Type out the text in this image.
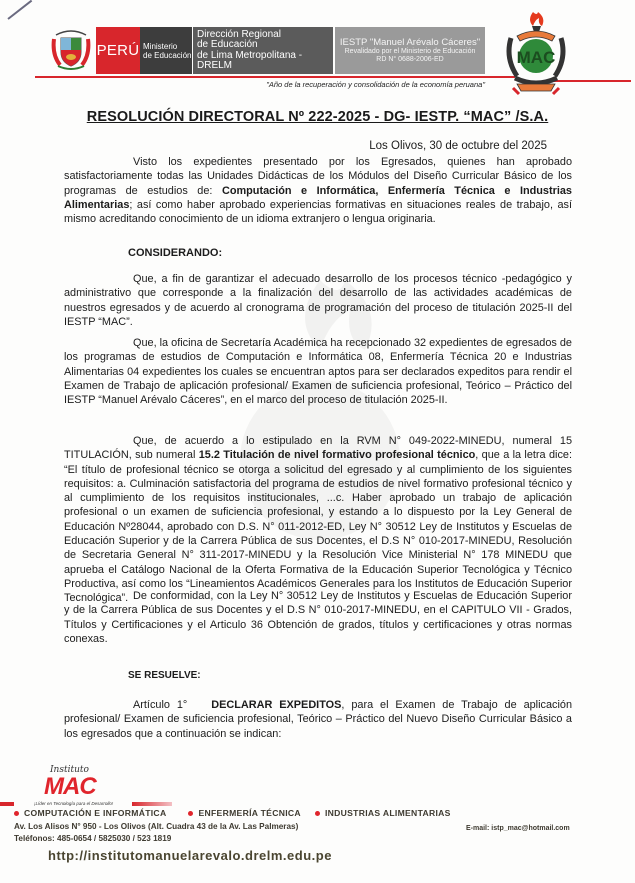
PERÚ Ministerio
de Educación
Dirección Regional
de Educación
de Lima Metropolitana - DRELM
IESTP "Manuel Arévalo Cáceres"
Revalidado por el Ministerio de Educación
RD N° 0688-2006-ED
"Año de la recuperación y consolidación de la economía peruana"
MAC
RESOLUCIÓN DIRECTORAL Nº 222-2025 - DG- IESTP. “MAC” /S.A.
Los Olivos, 30 de octubre del 2025

Visto los expedientes presentado por los Egresados, quienes han aprobado satisfactoriamente todas las Unidades Didácticas de los Módulos del Diseño Curricular Básico de los programas de estudios de: Computación e Informática, Enfermería Técnica e Industrias Alimentarias; así como haber aprobado experiencias formativas en situaciones reales de trabajo, así mismo acreditando conocimiento de un idioma extranjero o lengua originaria.

CONSIDERANDO:

Que, a fin de garantizar el adecuado desarrollo de los procesos técnico -pedagógico y administrativo que corresponde a la finalización del desarrollo de las actividades académicas de nuestros egresados y de acuerdo al cronograma de programación del proceso de titulación 2025-II del IESTP “MAC”.

Que, la oficina de Secretaría Académica ha recepcionado 32 expedientes de egresados de los programas de estudios de Computación e Informática 08, Enfermería Técnica 20 e Industrias Alimentarias 04 expedientes los cuales se encuentran aptos para ser declarados expeditos para rendir el Examen de Trabajo de aplicación profesional/ Examen de suficiencia profesional, Teórico – Práctico del IESTP “Manuel Arévalo Cáceres”, en el marco del proceso de titulación 2025-II.

Que, de acuerdo a lo estipulado en la RVM N° 049-2022-MINEDU, numeral 15 TITULACIÓN, sub numeral 15.2 Titulación de nivel formativo profesional técnico, que a la letra dice: “El título de profesional técnico se otorga a solicitud del egresado y al cumplimiento de los siguientes requisitos: a. Culminación satisfactoria del programa de estudios de nivel formativo profesional técnico y al cumplimiento de los requisitos institucionales, ...c. Haber aprobado un trabajo de aplicación profesional o un examen de suficiencia profesional, y estando a lo dispuesto por la Ley General de Educación Nº28044, aprobado con D.S. N° 011-2012-ED, Ley N° 30512 Ley de Institutos y Escuelas de Educación Superior y de la Carrera Pública de sus Docentes, el D.S N° 010-2017-MINEDU, Resolución de Secretaria General N° 311-2017-MINEDU y la Resolución Vice Ministerial N° 178 MINEDU que aprueba el Catálogo Nacional de la Oferta Formativa de la Educación Superior Tecnológica y Técnico Productiva, así como los “Lineamientos Académicos Generales para los Institutos de Educación Superior Tecnológica”. De conformidad, con la Ley N° 30512 Ley de Institutos y Escuelas de Educación Superior y de la Carrera Pública de sus Docentes y el D.S N° 010-2017-MINEDU, en el CAPITULO VII - Grados, Títulos y Certificaciones y el Articulo 36 Obtención de grados, títulos y certificaciones y otras normas conexas.

SE RESUELVE:

Artículo 1° DECLARAR EXPEDITOS, para el Examen de Trabajo de aplicación profesional/ Examen de suficiencia profesional, Teórico – Práctico del Nuevo Diseño Curricular Básico a los egresados que a continuación se indican:

Instituto
MAC
¡Líder en Tecnología para el Desarrollo!
COMPUTACIÓN E INFORMÁTICA	ENFERMERÍA TÉCNICA	INDUSTRIAS ALIMENTARIAS
Av. Los Alisos N° 950 - Los Olivos (Alt. Cuadra 43 de la Av. Las Palmeras)
Teléfonos: 485-0654 / 5825030 / 523 1819
E-mail: istp_mac@hotmail.com
http://institutomanuelarevalo.drelm.edu.pe
